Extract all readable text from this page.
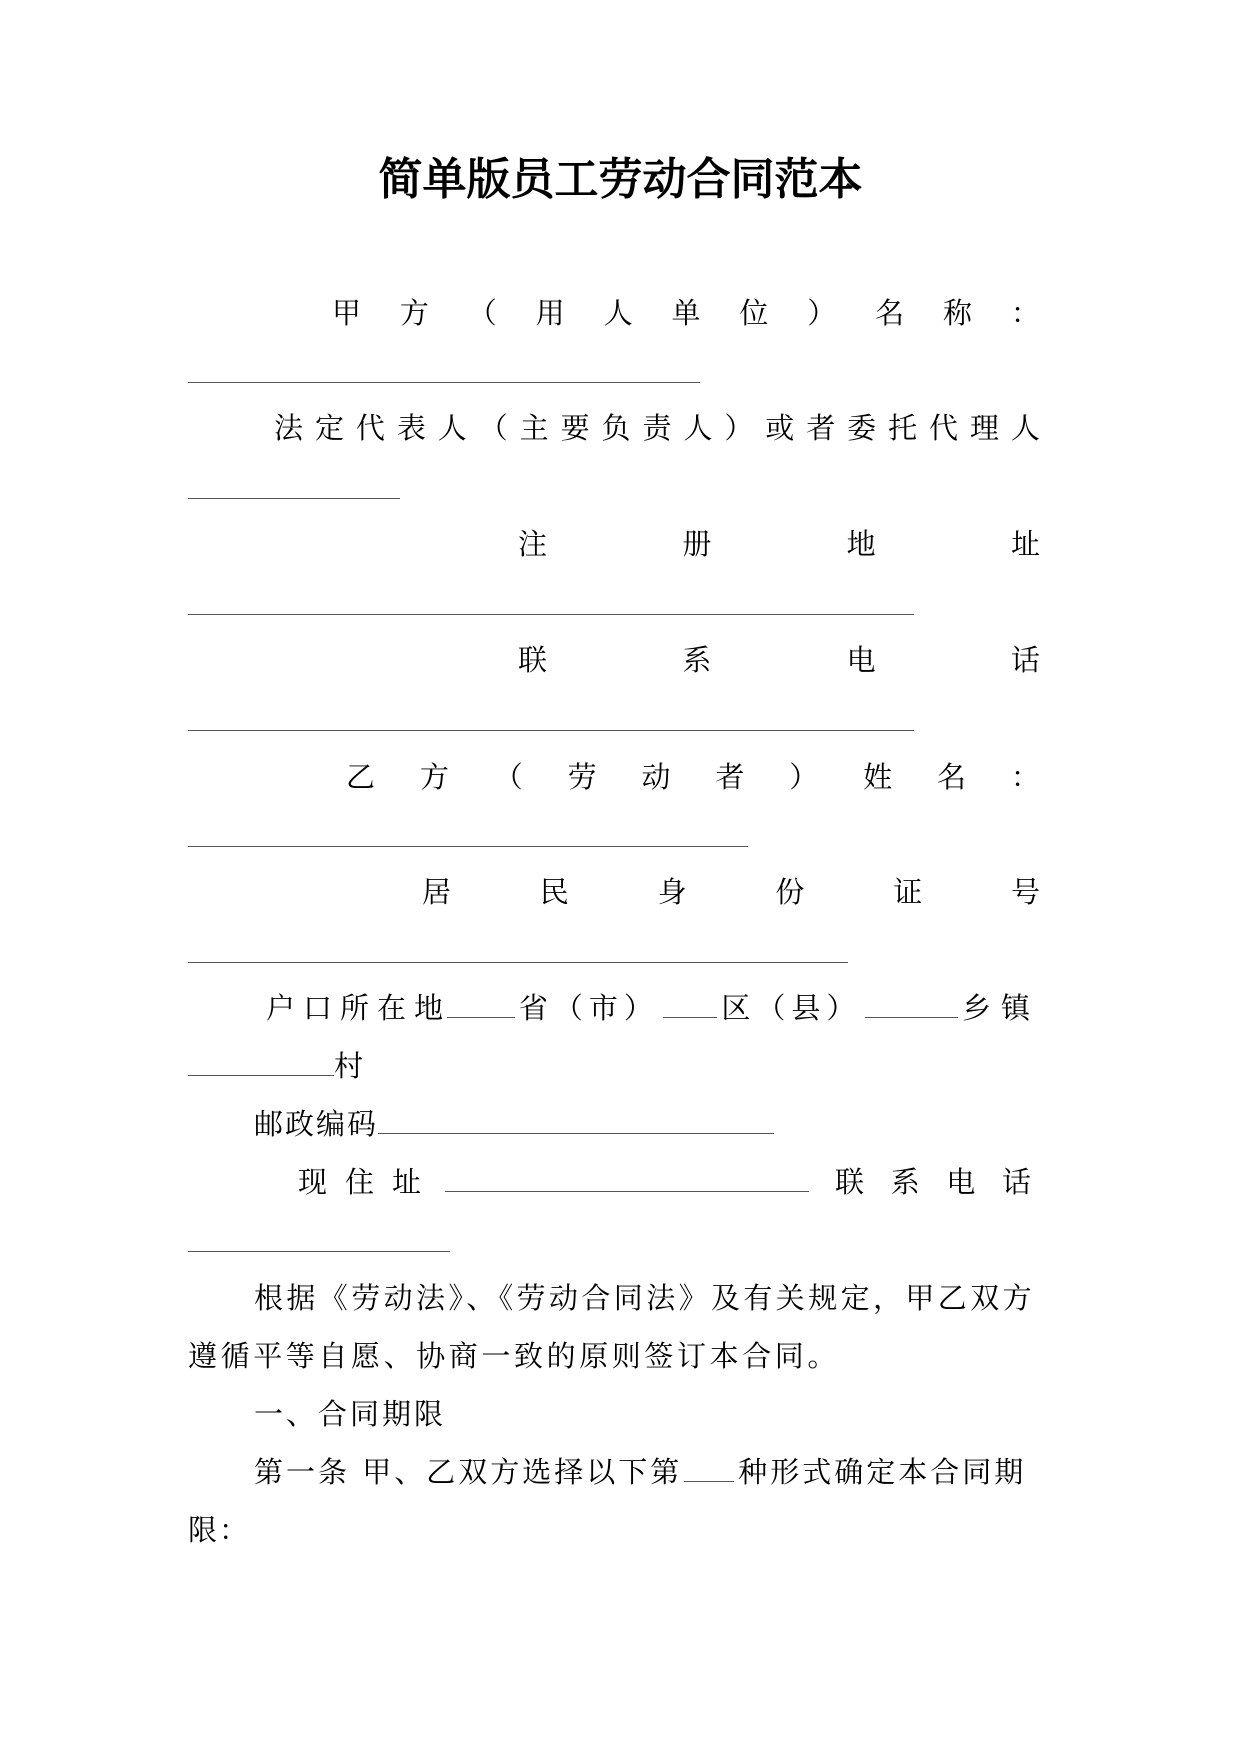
简单版员工劳动合同范本
甲 方 （ 用 人 单 位 ） 名 称 ：
法 定 代 表 人 （ 主 要 负 责 人 ） 或 者 委 托 代 理 人
注	册	地	址
联	系	电	话
乙 方 （ 劳 动 者 ） 姓 名 ：
居	民	身	份	证	号
户 口 所 在 地	省（市） 区（县）	乡镇
村
邮政编码
现 住 址	联 系 电 话
根据《劳动法》、《劳动合同法》及有关规定，甲乙双方
遵循平等自愿、协商一致的原则签订本合同。
一、合同期限
第一条 甲、乙双方选择以下第 种形式确定本合同期
限：
